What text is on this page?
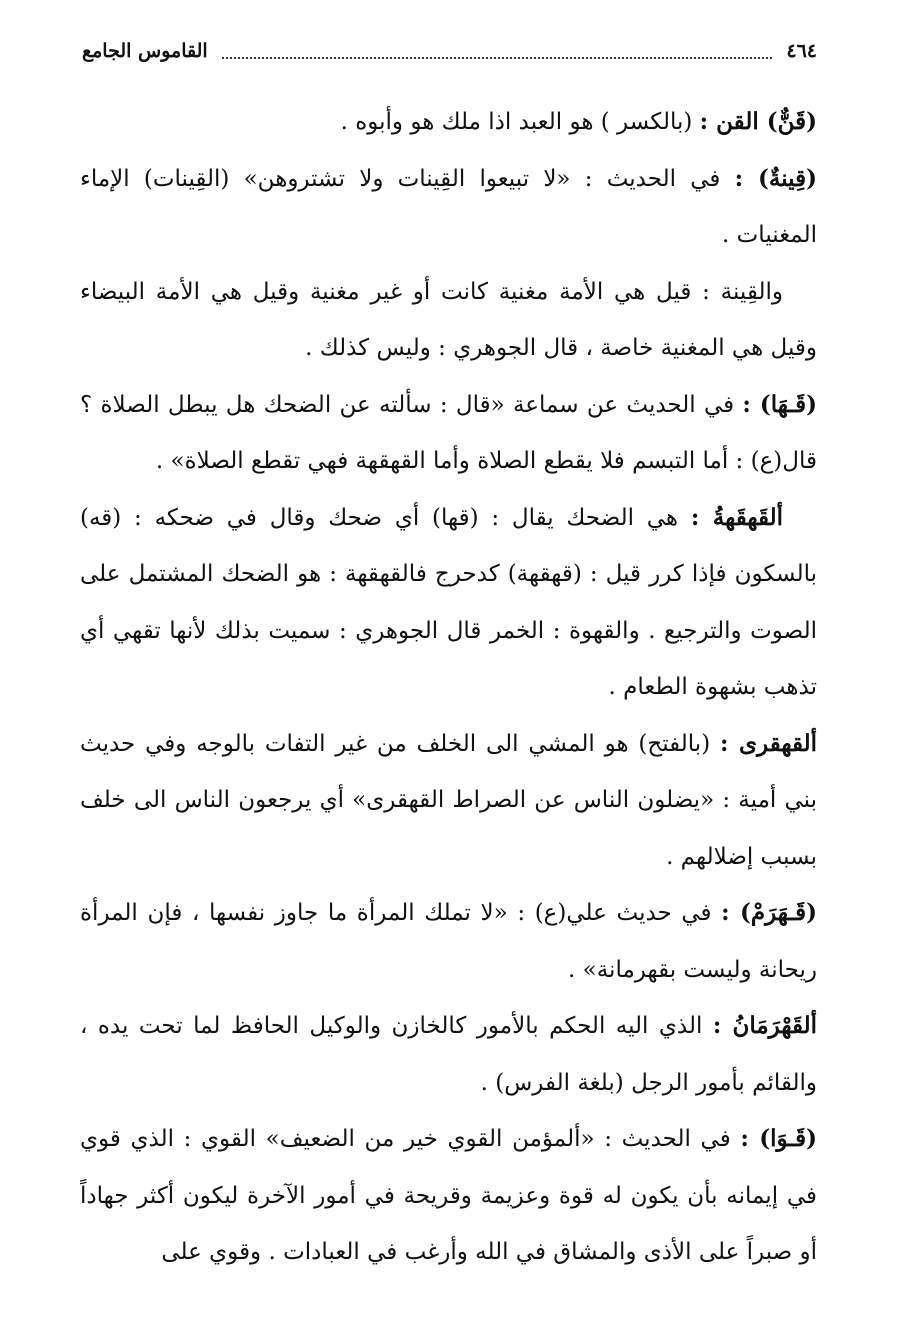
٤٦٤
القاموس الجامع

(قَنٌّ) القن : (بالكسر ) هو العبد اذا ملك هو وأبوه .

(قِينةٌ) : في الحديث : «لا تبيعوا القِينات ولا تشتروهن» (القِينات) الإماء المغنيات .

والقِينة : قيل هي الأمة مغنية كانت أو غير مغنية وقيل هي الأمة البيضاء وقيل هي المغنية خاصة ، قال الجوهري : وليس كذلك .

(قَـهَا) : في الحديث عن سماعة «قال : سألته عن الضحك هل يبطل الصلاة ؟ قال(ع) : أما التبسم فلا يقطع الصلاة وأما القهقهة فهي تقطع الصلاة» .

ألقَهقَهةُ : هي الضحك يقال : (قها) أي ضحك وقال في ضحكه : (قه) بالسكون فإذا كرر قيل : (قهقهة) كدحرج فالقهقهة : هو الضحك المشتمل على الصوت والترجيع . والقهوة : الخمر قال الجوهري : سميت بذلك لأنها تقهي أي تذهب بشهوة الطعام .

ألقهقرى : (بالفتح) هو المشي الى الخلف من غير التفات بالوجه وفي حديث بني أمية : «يضلون الناس عن الصراط القهقرى» أي يرجعون الناس الى خلف بسبب إضلالهم .

(قَـهَرَمْ) : في حديث علي(ع) : «لا تملك المرأة ما جاوز نفسها ، فإن المرأة ريحانة وليست بقهرمانة» .

ألقَهْرَمَانُ : الذي اليه الحكم بالأمور كالخازن والوكيل الحافظ لما تحت يده ، والقائم بأمور الرجل (بلغة الفرس) .

(قَـوَا) : في الحديث : «ألمؤمن القوي خير من الضعيف» القوي : الذي قوي في إيمانه بأن يكون له قوة وعزيمة وقريحة في أمور الآخرة ليكون أكثر جهاداً أو صبراً على الأذى والمشاق في الله وأرغب في العبادات . وقوي على
